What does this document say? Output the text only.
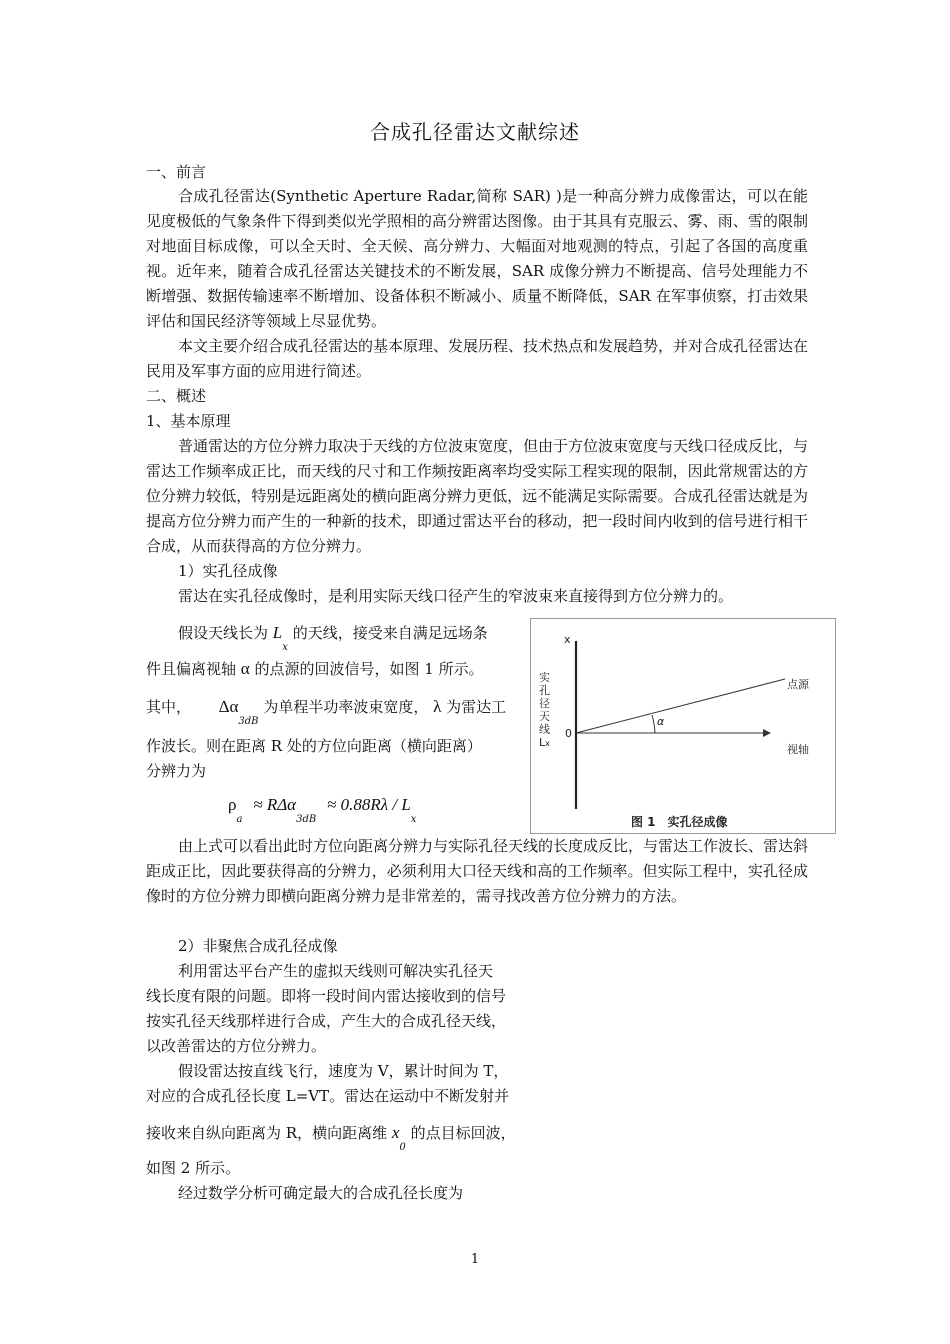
合成孔径雷达文献综述

一、前言

合成孔径雷达(Synthetic Aperture Radar,简称 SAR) )是一种高分辨力成像雷达，可以在能见度极低的气象条件下得到类似光学照相的高分辨雷达图像。由于其具有克服云、雾、雨、雪的限制对地面目标成像，可以全天时、全天候、高分辨力、大幅面对地观测的特点，引起了各国的高度重视。近年来，随着合成孔径雷达关键技术的不断发展，SAR 成像分辨力不断提高、信号处理能力不断增强、数据传输速率不断增加、设备体积不断减小、质量不断降低，SAR 在军事侦察，打击效果评估和国民经济等领域上尽显优势。

本文主要介绍合成孔径雷达的基本原理、发展历程、技术热点和发展趋势，并对合成孔径雷达在民用及军事方面的应用进行简述。

二、概述

1、基本原理

普通雷达的方位分辨力取决于天线的方位波束宽度，但由于方位波束宽度与天线口径成反比，与雷达工作频率成正比，而天线的尺寸和工作频按距离率均受实际工程实现的限制，因此常规雷达的方位分辨力较低，特别是远距离处的横向距离分辨力更低，远不能满足实际需要。合成孔径雷达就是为提高方位分辨力而产生的一种新的技术，即通过雷达平台的移动，把一段时间内收到的信号进行相干合成，从而获得高的方位分辨力。

1）实孔径成像

雷达在实孔径成像时，是利用实际天线口径产生的窄波束来直接得到方位分辨力的。

假设天线长为 $L_x$ 的天线，接受来自满足远场条

件且偏离视轴 α 的点源的回波信号，如图 1 所示。

其中， $\Delta\alpha_{3dB}$ 为单程半功率波束宽度， λ 为雷达工

作波长。则在距离 R 处的方位向距离（横向距离）

分辨力为

$\rho_a \approx R\Delta\alpha_{3dB} \approx 0.88R\lambda / L_x$

x
0
α
点源
视轴
实孔径天线Lx
图 1　实孔径成像

由上式可以看出此时方位向距离分辨力与实际孔径天线的长度成反比，与雷达工作波长、雷达斜距成正比，因此要获得高的分辨力，必须利用大口径天线和高的工作频率。但实际工程中，实孔径成像时的方位分辨力即横向距离分辨力是非常差的，需寻找改善方位分辨力的方法。

2）非聚焦合成孔径成像

利用雷达平台产生的虚拟天线则可解决实孔径天

线长度有限的问题。即将一段时间内雷达接收到的信号

按实孔径天线那样进行合成，产生大的合成孔径天线，

以改善雷达的方位分辨力。

假设雷达按直线飞行，速度为 V，累计时间为 T，

对应的合成孔径长度 L=VT。雷达在运动中不断发射并

接收来自纵向距离为 R，横向距离维 $x_0$ 的点目标回波，

如图 2 所示。

经过数学分析可确定最大的合成孔径长度为

1
